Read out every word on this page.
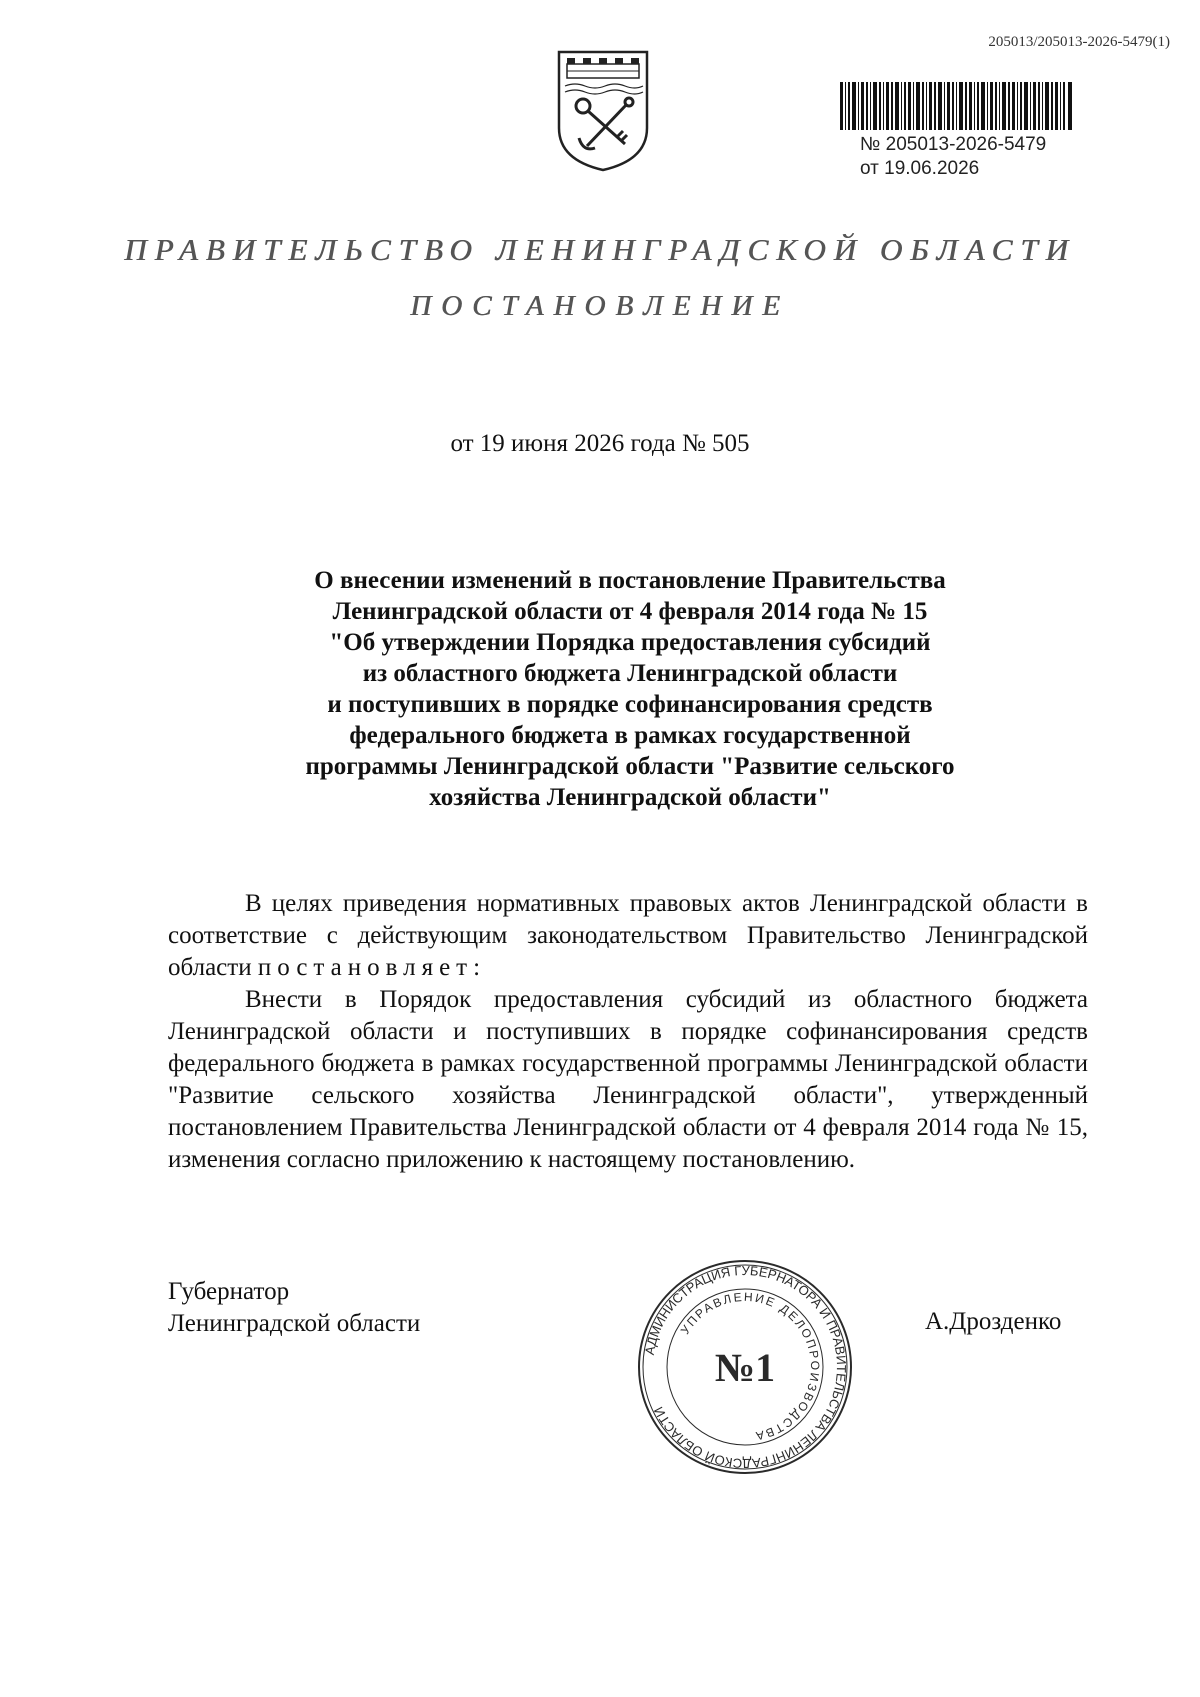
205013/205013-2026-5479(1)
№ 205013-2026-5479
от 19.06.2026
ПРАВИТЕЛЬСТВО ЛЕНИНГРАДСКОЙ ОБЛАСТИ
ПОСТАНОВЛЕНИЕ
от 19 июня 2026 года № 505
О внесении изменений в постановление Правительства
Ленинградской области от 4 февраля 2014 года № 15
"Об утверждении Порядка предоставления субсидий
из областного бюджета Ленинградской области
и поступивших в порядке софинансирования средств
федерального бюджета в рамках государственной
программы Ленинградской области "Развитие сельского
хозяйства Ленинградской области"

В целях приведения нормативных правовых актов Ленинградской области в соответствие с действующим законодательством Правительство Ленинградской области постановляет:

Внести в Порядок предоставления субсидий из областного бюджета Ленинградской области и поступивших в порядке софинансирования средств федерального бюджета в рамках государственной программы Ленинградской области "Развитие сельского хозяйства Ленинградской области", утвержденный постановлением Правительства Ленинградской области от 4 февраля 2014 года № 15, изменения согласно приложению к настоящему постановлению.

Губернатор
Ленинградской области	А.Дрозденко
АДМИНИСТРАЦИЯ ГУБЕРНАТОРА И ПРАВИТЕЛЬСТВА ЛЕНИНГРАДСКОЙ ОБЛАСТИ
УПРАВЛЕНИЕ ДЕЛОПРОИЗВОДСТВА
№1
